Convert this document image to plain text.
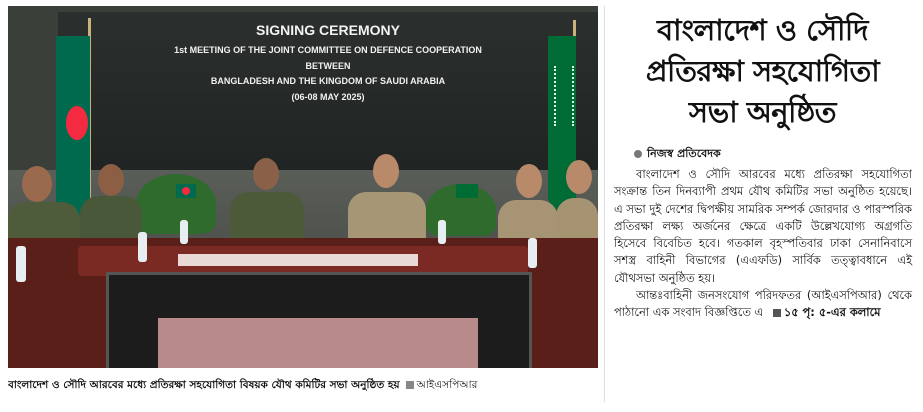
SIGNING CEREMONY
1st MEETING OF THE JOINT COMMITTEE ON DEFENCE COOPERATION
BETWEEN
BANGLADESH AND THE KINGDOM OF SAUDI ARABIA
(06-08 MAY 2025)
বাংলাদেশ ও সৌদি আরবের মধ্যে প্রতিরক্ষা সহযোগিতা বিষয়ক যৌথ কমিটির সভা অনুষ্ঠিত হয় আইএসপিআর
বাংলাদেশ ও সৌদি
প্রতিরক্ষা সহযোগিতা
সভা অনুষ্ঠিত
নিজস্ব প্রতিবেদক

বাংলাদেশ ও সৌদি আরবের মধ্যে প্রতিরক্ষা সহযোগিতা সংক্রান্ত তিন দিনব্যাপী প্রথম যৌথ কমিটির সভা অনুষ্ঠিত হয়েছে। এ সভা দুই দেশের দ্বিপক্ষীয় সামরিক সম্পর্ক জোরদার ও পারস্পরিক প্রতিরক্ষা লক্ষ্য অর্জনের ক্ষেত্রে একটি উল্লেখযোগ্য অগ্রগতি হিসেবে বিবেচিত হবে। গতকাল বৃহস্পতিবার ঢাকা সেনানিবাসে সশস্ত্র বাহিনী বিভাগের (এএফডি) সার্বিক তত্ত্বাবধানে এই যৌথসভা অনুষ্ঠিত হয়।

আন্তঃবাহিনী জনসংযোগ পরিদফতর (আইএসপিআর) থেকে পাঠানো এক সংবাদ বিজ্ঞপ্তিতে এ ১৫ পৃ: ৫-এর কলামে
